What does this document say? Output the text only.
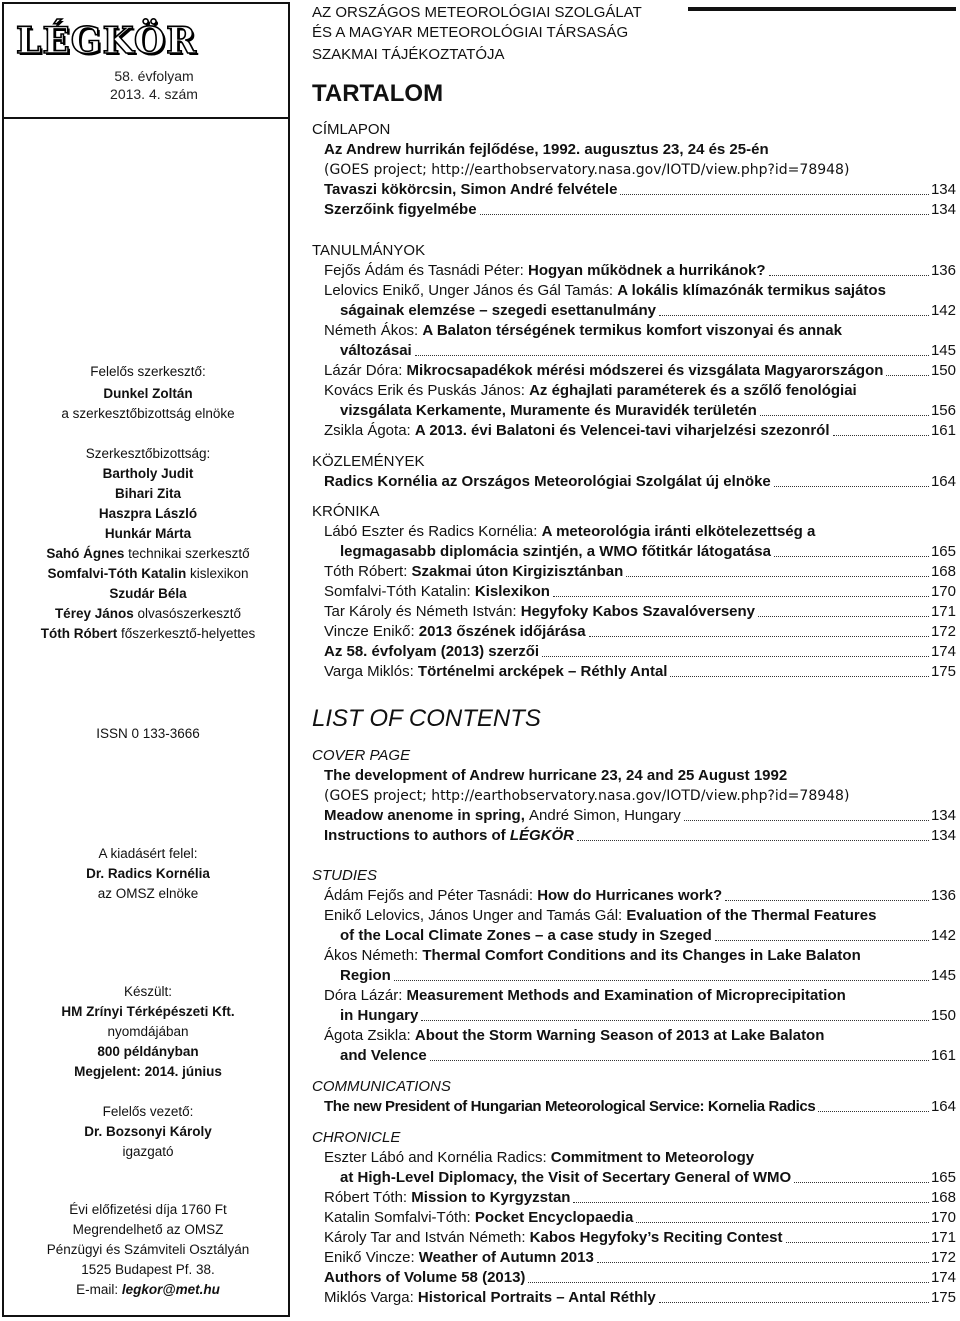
LÉGKÖR
58. évfolyam
2013. 4. szám
Felelős szerkesztő:
Dunkel Zoltán
a szerkesztőbizottság elnöke
Szerkesztőbizottság:
Bartholy Judit
Bihari Zita
Haszpra László
Hunkár Márta
Sahó Ágnes technikai szerkesztő
Somfalvi-Tóth Katalin kislexikon
Szudár Béla
Térey János olvasószerkesztő
Tóth Róbert főszerkesztő-helyettes
ISSN 0 133-3666
A kiadásért felel:
Dr. Radics Kornélia
az OMSZ elnöke
Készült:
HM Zrínyi Térképészeti Kft.
nyomdájában
800 példányban
Megjelent: 2014. június
Felelős vezető:
Dr. Bozsonyi Károly
igazgató
Évi előfizetési díja 1760 Ft
Megrendelhető az OMSZ
Pénzügyi és Számviteli Osztályán
1525 Budapest Pf. 38.
E-mail: legkor@met.hu
AZ ORSZÁGOS METEOROLÓGIAI SZOLGÁLAT
ÉS A MAGYAR METEOROLÓGIAI TÁRSASÁG
SZAKMAI TÁJÉKOZTATÓJA
TARTALOM
CÍMLAPON
Az Andrew hurrikán fejlődése, 1992. augusztus 23, 24 és 25-én
(GOES project; http://earthobservatory.nasa.gov/IOTD/view.php?id=78948)
Tavaszi kökörcsin, Simon André felvétele	134
Szerzőink figyelmébe	134
TANULMÁNYOK
Fejős Ádám és Tasnádi Péter: Hogyan működnek a hurrikánok?	136
Lelovics Enikő, Unger János és Gál Tamás: A lokális klímazónák termikus sajátos
ságainak elemzése – szegedi esettanulmány	142
Németh Ákos: A Balaton térségének termikus komfort viszonyai és annak
változásai	145
Lázár Dóra: Mikrocsapadékok mérési módszerei és vizsgálata Magyarországon	150
Kovács Erik és Puskás János: Az éghajlati paraméterek és a szőlő fenológiai
vizsgálata Kerkamente, Muramente és Muravidék területén	156
Zsikla Ágota: A 2013. évi Balatoni és Velencei-tavi viharjelzési szezonról	161
KÖZLEMÉNYEK
Radics Kornélia az Országos Meteorológiai Szolgálat új elnöke	164
KRÓNIKA
Lábó Eszter és Radics Kornélia: A meteorológia iránti elkötelezettség a
legmagasabb diplomácia szintjén, a WMO főtitkár látogatása	165
Tóth Róbert: Szakmai úton Kirgizisztánban	168
Somfalvi-Tóth Katalin: Kislexikon	170
Tar Károly és Németh István: Hegyfoky Kabos Szavalóverseny	171
Vincze Enikő: 2013 őszének időjárása	172
Az 58. évfolyam (2013) szerzői	174
Varga Miklós: Történelmi arcképek – Réthly Antal	175
LIST OF CONTENTS
COVER PAGE
The development of Andrew hurricane 23, 24 and 25 August 1992
(GOES project; http://earthobservatory.nasa.gov/IOTD/view.php?id=78948)
Meadow anenome in spring, André Simon, Hungary	134
Instructions to authors of LÉGKÖR	134
STUDIES
Ádám Fejős and Péter Tasnádi: How do Hurricanes work?	136
Enikő Lelovics, János Unger and Tamás Gál: Evaluation of the Thermal Features
of the Local Climate Zones – a case study in Szeged	142
Ákos Németh: Thermal Comfort Conditions and its Changes in Lake Balaton
Region	145
Dóra Lázár: Measurement Methods and Examination of Microprecipitation
in Hungary	150
Ágota Zsikla: About the Storm Warning Season of 2013 at Lake Balaton
and Velence	161
COMMUNICATIONS
The new President of Hungarian Meteorological Service: Kornelia Radics	164
CHRONICLE
Eszter Lábó and Kornélia Radics: Commitment to Meteorology
at High-Level Diplomacy, the Visit of Secertary General of WMO	165
Róbert Tóth: Mission to Kyrgyzstan	168
Katalin Somfalvi-Tóth: Pocket Encyclopaedia	170
Károly Tar and István Németh: Kabos Hegyfoky’s Reciting Contest	171
Enikő Vincze: Weather of Autumn 2013	172
Authors of Volume 58 (2013)	174
Miklós Varga: Historical Portraits – Antal Réthly	175
